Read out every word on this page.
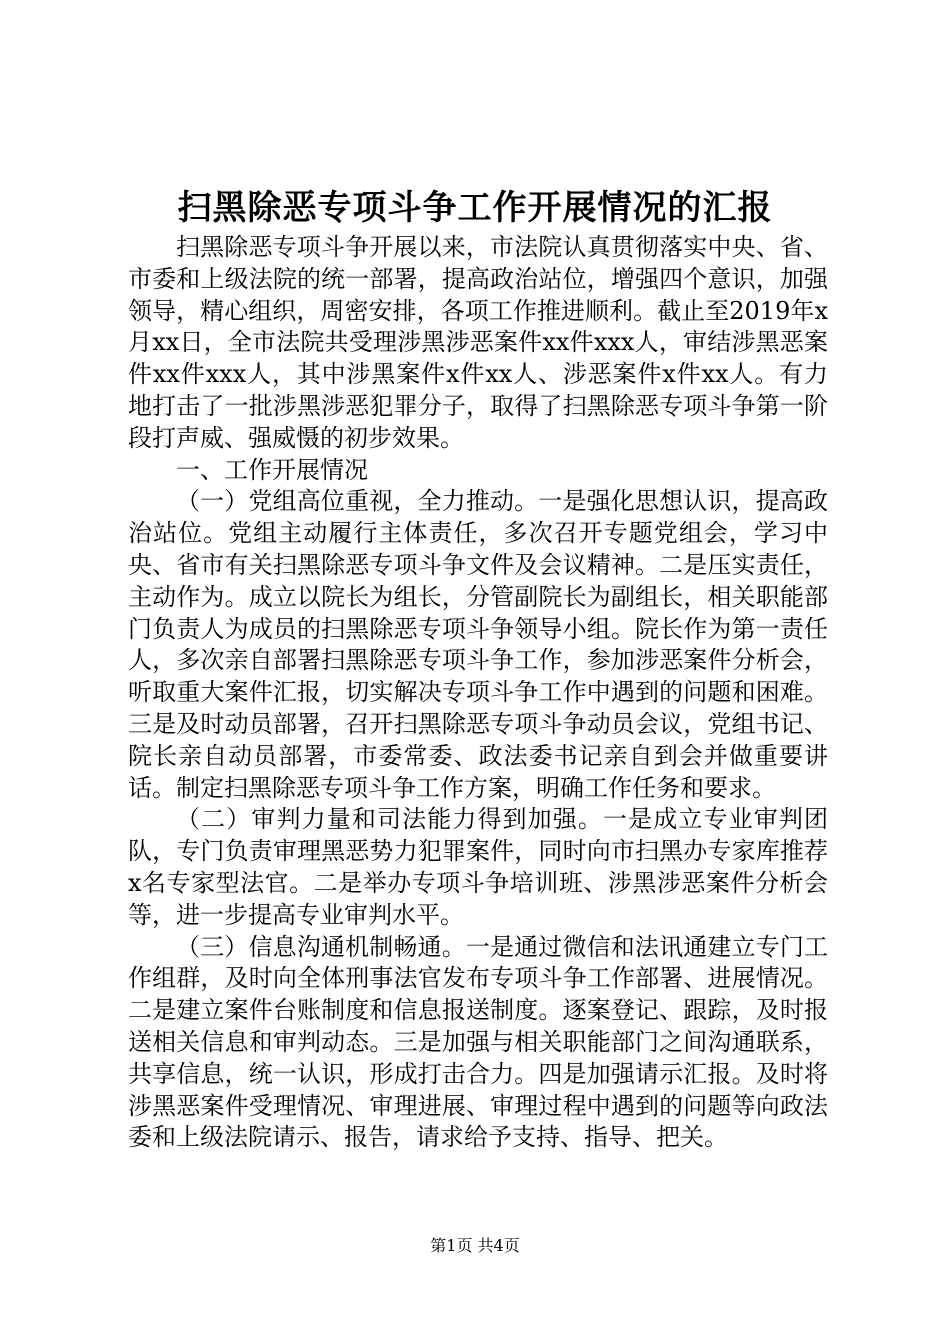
扫黑除恶专项斗争工作开展情况的汇报

扫黑除恶专项斗争开展以来，市法院认真贯彻落实中央、省、市委和上级法院的统一部署，提高政治站位，增强四个意识，加强领导，精心组织，周密安排，各项工作推进顺利。截止至2019年x月xx日，全市法院共受理涉黑涉恶案件xx件xxx人，审结涉黑恶案件xx件xxx人，其中涉黑案件x件xx人、涉恶案件x件xx人。有力地打击了一批涉黑涉恶犯罪分子，取得了扫黑除恶专项斗争第一阶段打声威、强威慑的初步效果。

一、工作开展情况

（一）党组高位重视，全力推动。一是强化思想认识，提高政治站位。党组主动履行主体责任，多次召开专题党组会，学习中央、省市有关扫黑除恶专项斗争文件及会议精神。二是压实责任，主动作为。成立以院长为组长，分管副院长为副组长，相关职能部门负责人为成员的扫黑除恶专项斗争领导小组。院长作为第一责任人，多次亲自部署扫黑除恶专项斗争工作，参加涉恶案件分析会，听取重大案件汇报，切实解决专项斗争工作中遇到的问题和困难。三是及时动员部署，召开扫黑除恶专项斗争动员会议，党组书记、院长亲自动员部署，市委常委、政法委书记亲自到会并做重要讲话。制定扫黑除恶专项斗争工作方案，明确工作任务和要求。

（二）审判力量和司法能力得到加强。一是成立专业审判团队，专门负责审理黑恶势力犯罪案件，同时向市扫黑办专家库推荐x名专家型法官。二是举办专项斗争培训班、涉黑涉恶案件分析会等，进一步提高专业审判水平。

（三）信息沟通机制畅通。一是通过微信和法讯通建立专门工作组群，及时向全体刑事法官发布专项斗争工作部署、进展情况。二是建立案件台账制度和信息报送制度。逐案登记、跟踪，及时报送相关信息和审判动态。三是加强与相关职能部门之间沟通联系，共享信息，统一认识，形成打击合力。四是加强请示汇报。及时将涉黑恶案件受理情况、审理进展、审理过程中遇到的问题等向政法委和上级法院请示、报告，请求给予支持、指导、把关。

第1页 共4页
